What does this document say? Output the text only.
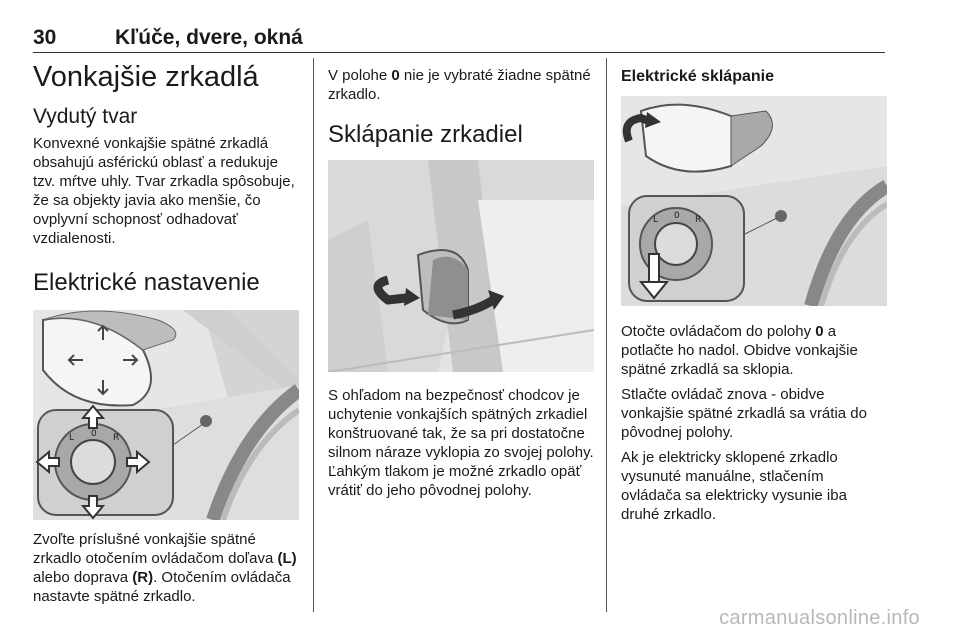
30	Kľúče, dvere, okná
Vonkajšie zrkadlá
Vydutý tvar

Konvexné vonkajšie spätné zrkadlá obsahujú asférickú oblasť a redukuje tzv. mŕtve uhly. Tvar zrkadla spôsobuje, že sa objekty javia ako menšie, čo ovplyvní schopnosť odhadovať vzdialenosti.

Elektrické nastavenie
L 0 R

Zvoľte príslušné vonkajšie spätné zrkadlo otočením ovládačom doľava (L) alebo doprava (R). Otočením ovládača nastavte spätné zrkadlo.

V polohe 0 nie je vybraté žiadne spätné zrkadlo.

Sklápanie zrkadiel

S ohľadom na bezpečnosť chodcov je uchytenie vonkajších spätných zrkadiel konštruované tak, že sa pri dostatočne silnom náraze vyklopia zo svojej polohy. Ľahkým tlakom je možné zrkadlo opäť vrátiť do jeho pôvodnej polohy.

Elektrické sklápanie

L 0 R

Otočte ovládačom do polohy 0 a potlačte ho nadol. Obidve vonkajšie spätné zrkadlá sa sklopia.

Stlačte ovládač znova - obidve vonkajšie spätné zrkadlá sa vrátia do pôvodnej polohy.

Ak je elektricky sklopené zrkadlo vysunuté manuálne, stlačením ovládača sa elektricky vysunie iba druhé zrkadlo.

carmanualsonline.info
